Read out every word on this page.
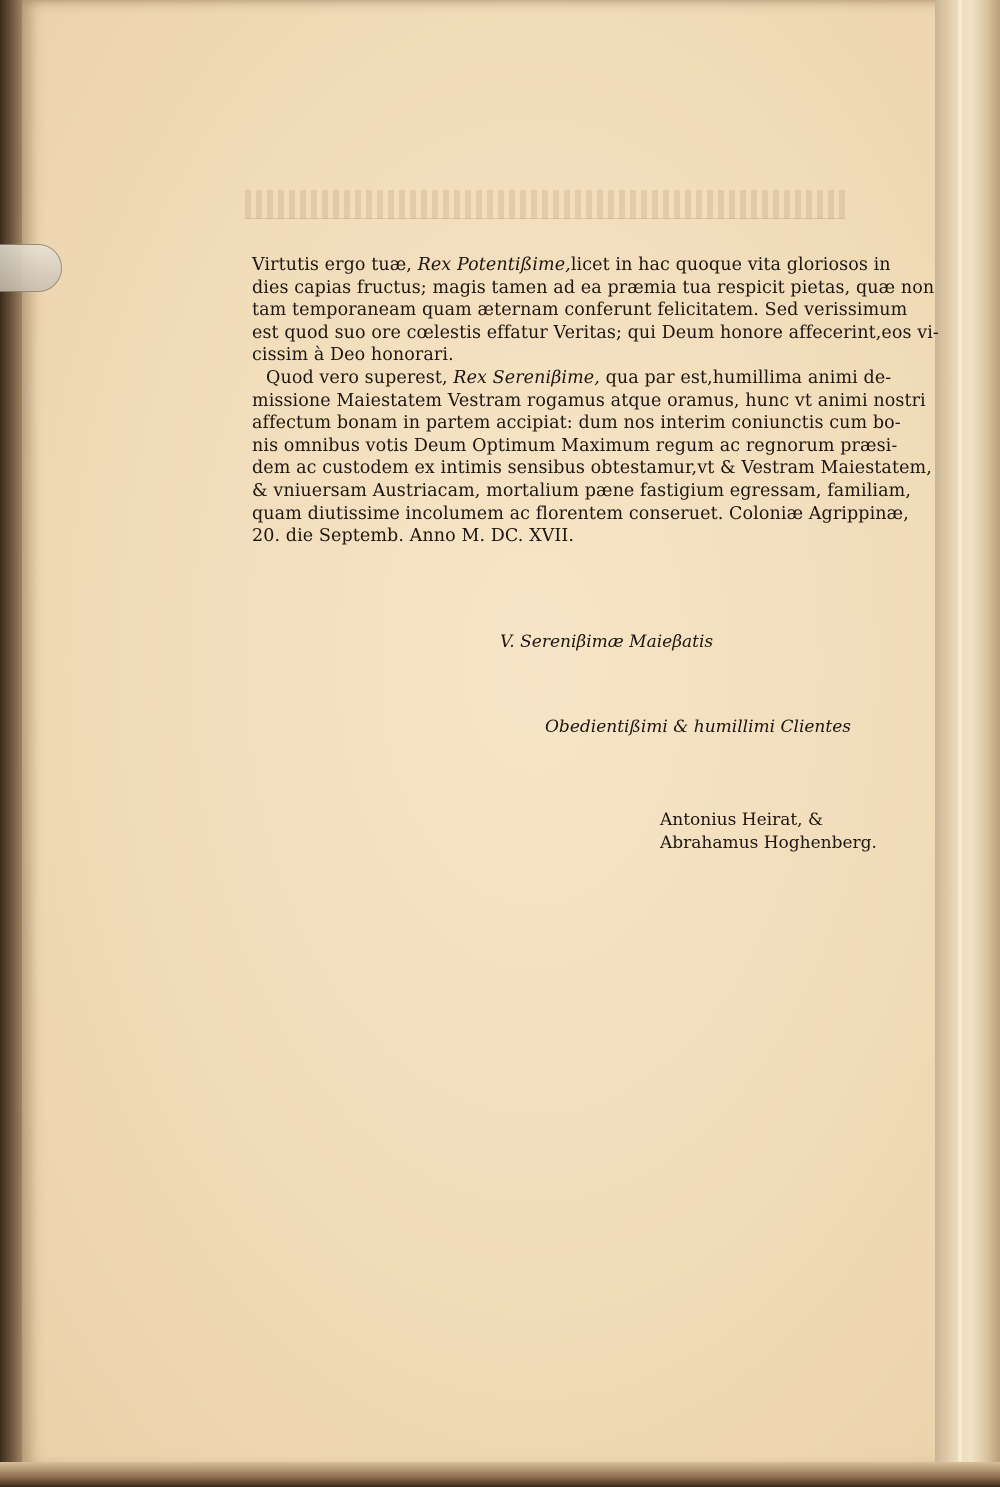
Virtutis ergo tuæ, Rex Potentißime,licet in hac quoque vita gloriosos in
dies capias fructus; magis tamen ad ea præmia tua respicit pietas, quæ non
tam temporaneam quam æternam conferunt felicitatem. Sed verissimum
est quod suo ore cœlestis effatur Veritas; qui Deum honore affecerint,eos vi-
cissim à Deo honorari.
Quod vero superest, Rex Sereniβime, qua par est,humillima animi de-
missione Maiestatem Vestram rogamus atque oramus, hunc vt animi nostri
affectum bonam in partem accipiat: dum nos interim coniunctis cum bo-
nis omnibus votis Deum Optimum Maximum regum ac regnorum præsi-
dem ac custodem ex intimis sensibus obtestamur,vt & Vestram Maiestatem,
& vniuersam Austriacam, mortalium pæne fastigium egressam, familiam,
quam diutissime incolumem ac florentem conseruet. Coloniæ Agrippinæ,
20. die Septemb. Anno M. DC. XVII.
V. Sereniβimæ Maieβatis
Obedientißimi & humillimi Clientes
Antonius Heirat, &
Abrahamus Hoghenberg.
